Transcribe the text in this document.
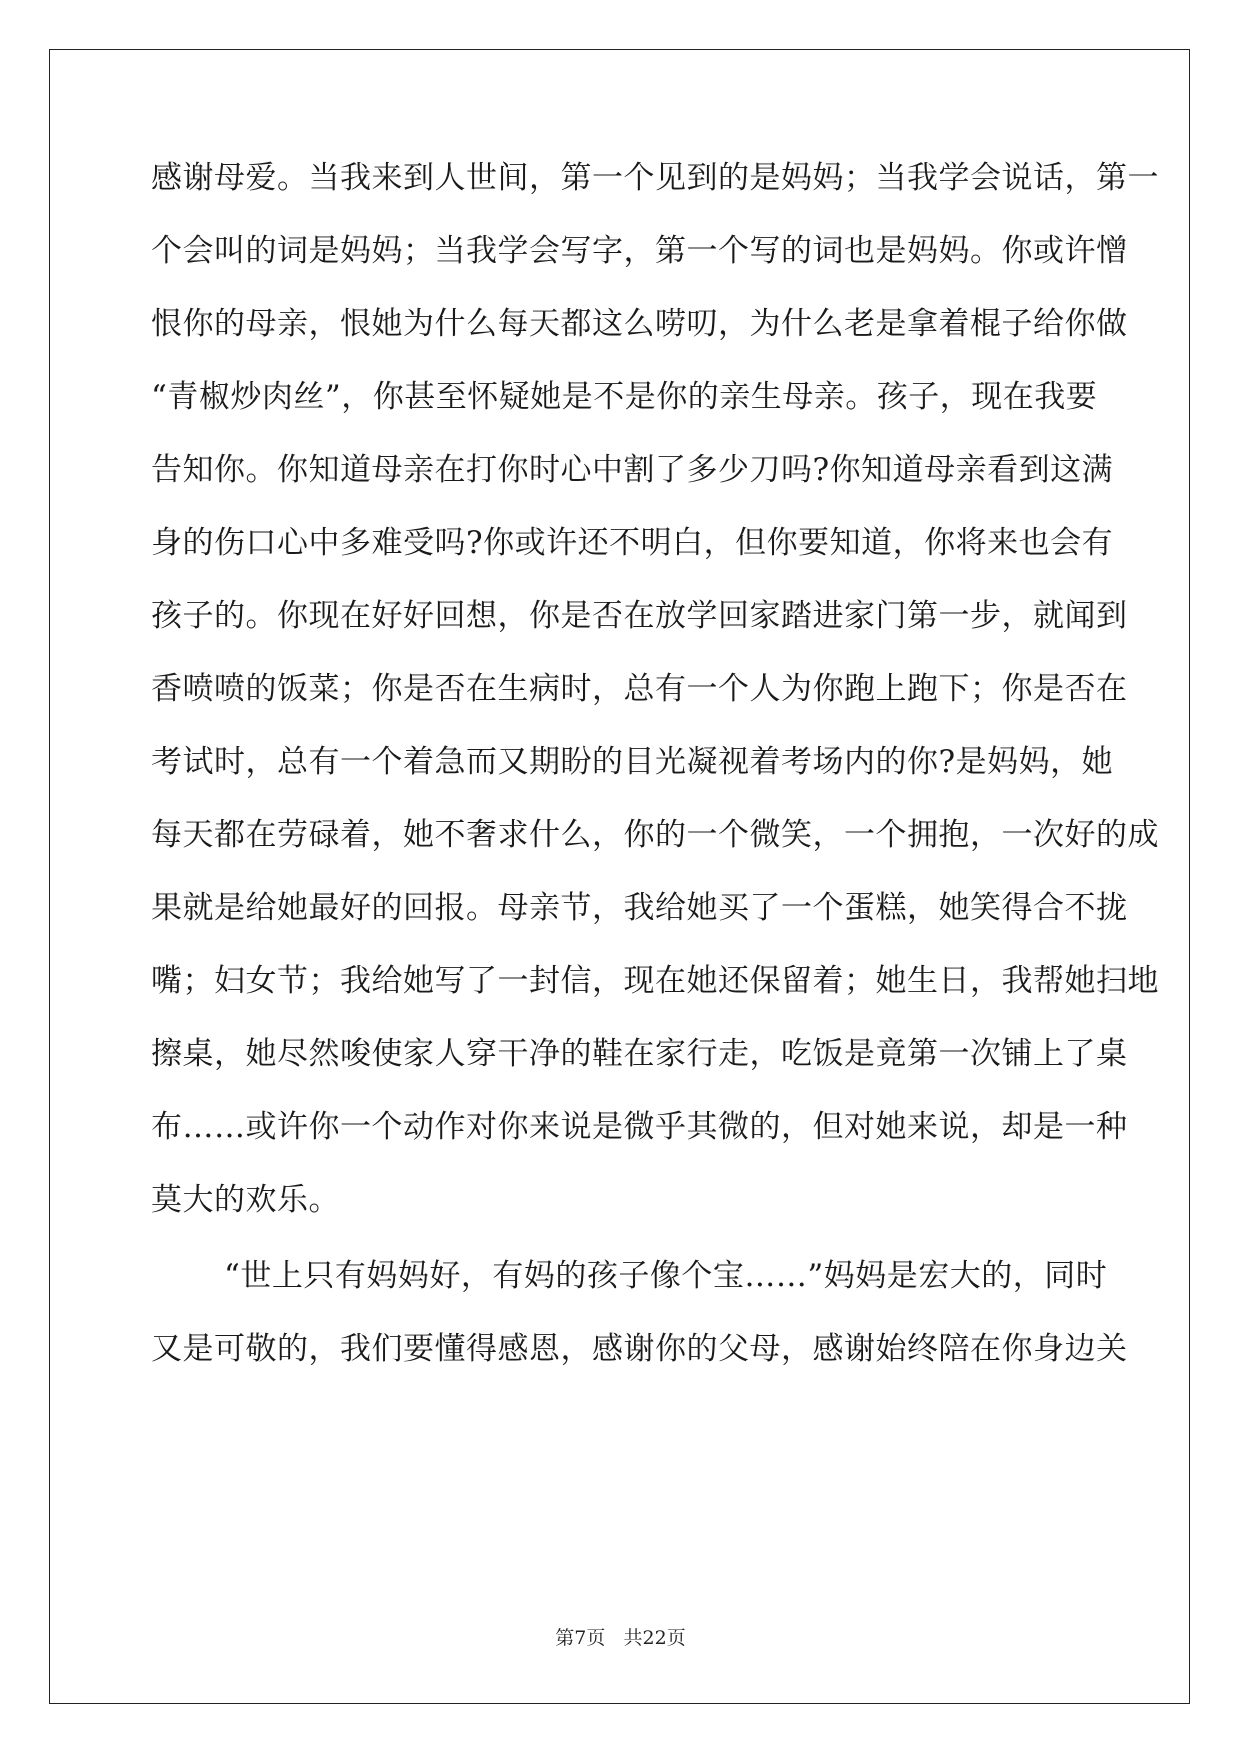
感谢母爱。当我来到人世间，第一个见到的是妈妈；当我学会说话，第一
个会叫的词是妈妈；当我学会写字，第一个写的词也是妈妈。你或许憎
恨你的母亲，恨她为什么每天都这么唠叨，为什么老是拿着棍子给你做
“青椒炒肉丝”，你甚至怀疑她是不是你的亲生母亲。孩子，现在我要
告知你。你知道母亲在打你时心中割了多少刀吗?你知道母亲看到这满
身的伤口心中多难受吗?你或许还不明白，但你要知道，你将来也会有
孩子的。你现在好好回想，你是否在放学回家踏进家门第一步，就闻到
香喷喷的饭菜；你是否在生病时，总有一个人为你跑上跑下；你是否在
考试时，总有一个着急而又期盼的目光凝视着考场内的你?是妈妈，她
每天都在劳碌着，她不奢求什么，你的一个微笑，一个拥抱，一次好的成
果就是给她最好的回报。母亲节，我给她买了一个蛋糕，她笑得合不拢
嘴；妇女节；我给她写了一封信，现在她还保留着；她生日，我帮她扫地
擦桌，她尽然唆使家人穿干净的鞋在家行走，吃饭是竟第一次铺上了桌
布……或许你一个动作对你来说是微乎其微的，但对她来说，却是一种
莫大的欢乐。
“世上只有妈妈好，有妈的孩子像个宝……”妈妈是宏大的，同时
又是可敬的，我们要懂得感恩，感谢你的父母，感谢始终陪在你身边关
第7页 共22页
